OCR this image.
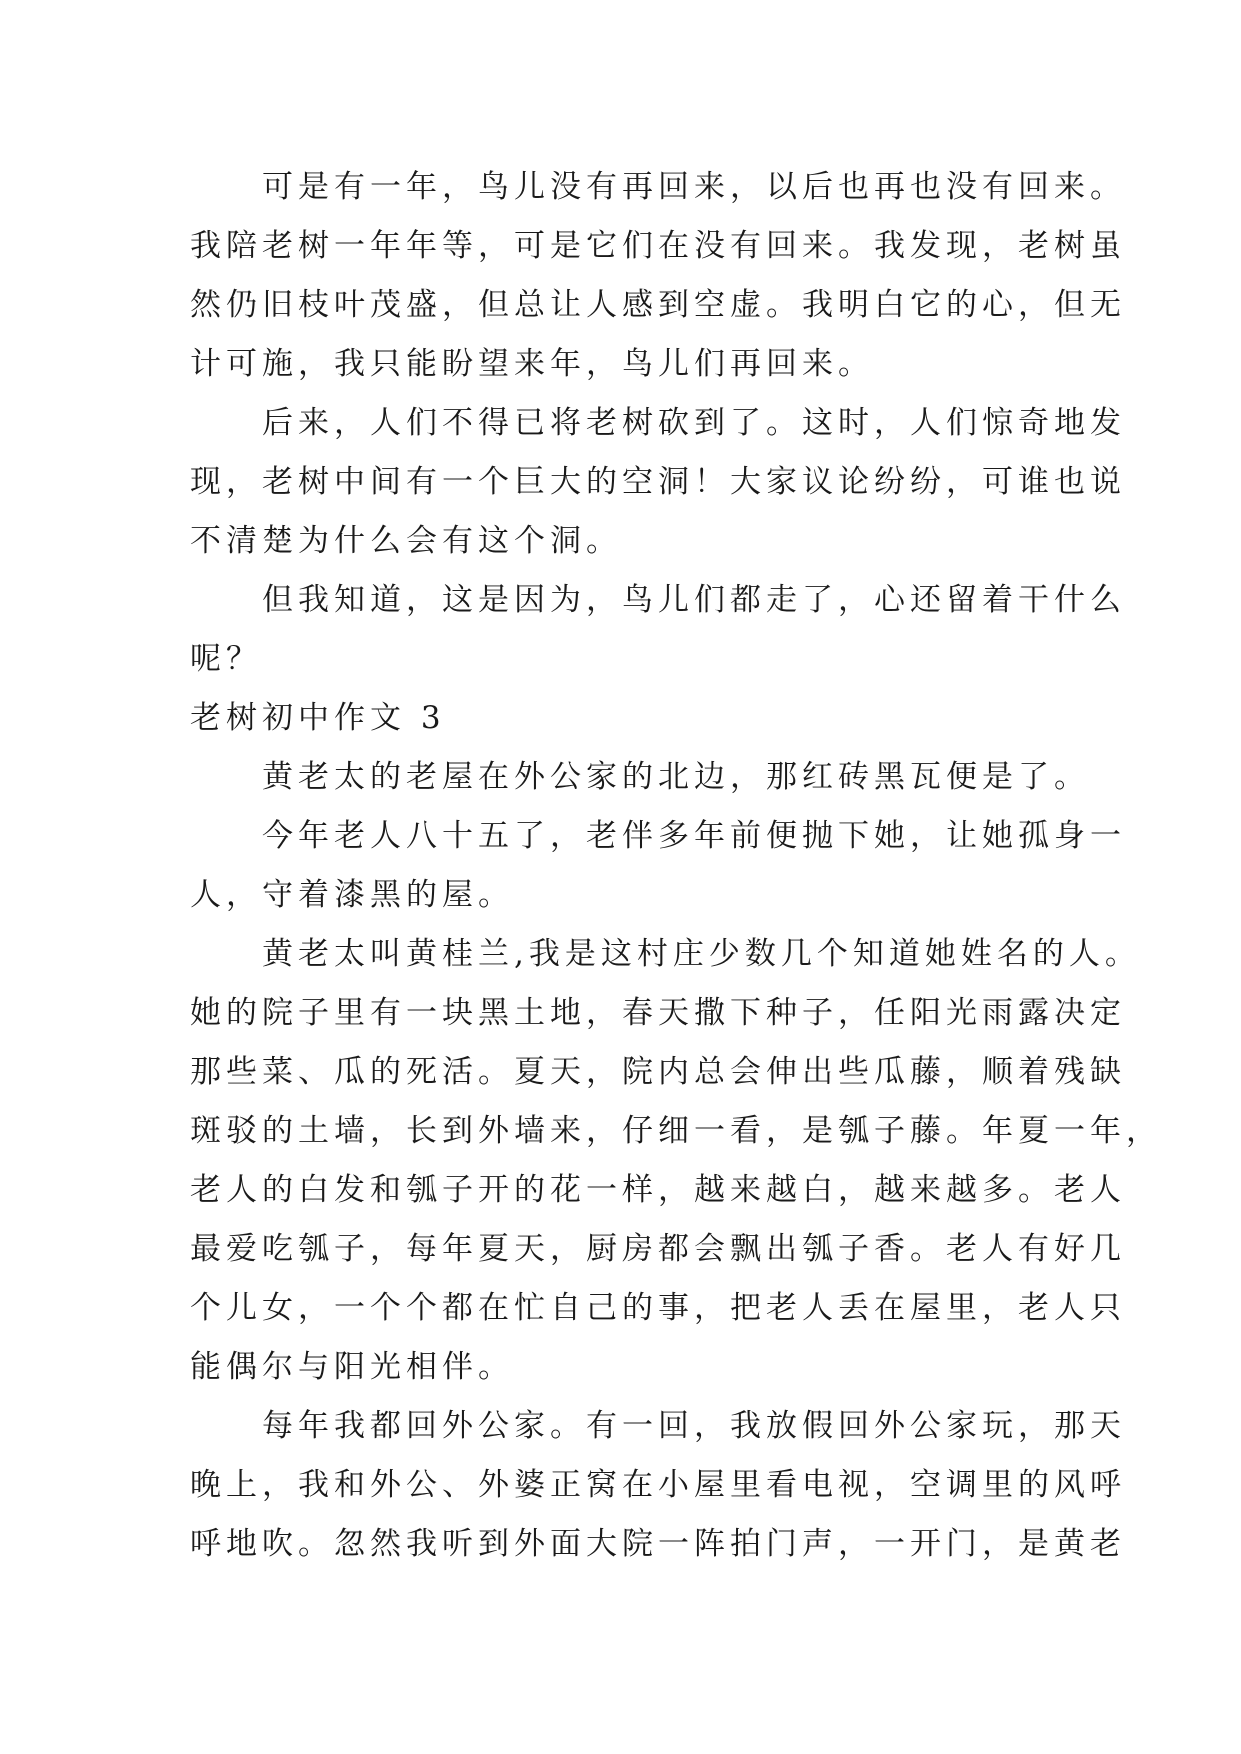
　　可是有一年，鸟儿没有再回来，以后也再也没有回来。
我陪老树一年年等，可是它们在没有回来。我发现，老树虽
然仍旧枝叶茂盛，但总让人感到空虚。我明白它的心，但无
计可施，我只能盼望来年，鸟儿们再回来。
　　后来，人们不得已将老树砍到了。这时，人们惊奇地发
现，老树中间有一个巨大的空洞！大家议论纷纷，可谁也说
不清楚为什么会有这个洞。
　　但我知道，这是因为，鸟儿们都走了，心还留着干什么
呢？
老树初中作文 3
　　黄老太的老屋在外公家的北边，那红砖黑瓦便是了。
　　今年老人八十五了，老伴多年前便抛下她，让她孤身一
人，守着漆黑的屋。
　　黄老太叫黄桂兰,我是这村庄少数几个知道她姓名的人。
她的院子里有一块黑土地，春天撒下种子，任阳光雨露决定
那些菜、瓜的死活。夏天，院内总会伸出些瓜藤，顺着残缺
斑驳的土墙，长到外墙来，仔细一看，是瓠子藤。年夏一年，
老人的白发和瓠子开的花一样，越来越白，越来越多。老人
最爱吃瓠子，每年夏天，厨房都会飘出瓠子香。老人有好几
个儿女，一个个都在忙自己的事，把老人丢在屋里，老人只
能偶尔与阳光相伴。
　　每年我都回外公家。有一回，我放假回外公家玩，那天
晚上，我和外公、外婆正窝在小屋里看电视，空调里的风呼
呼地吹。忽然我听到外面大院一阵拍门声，一开门，是黄老
